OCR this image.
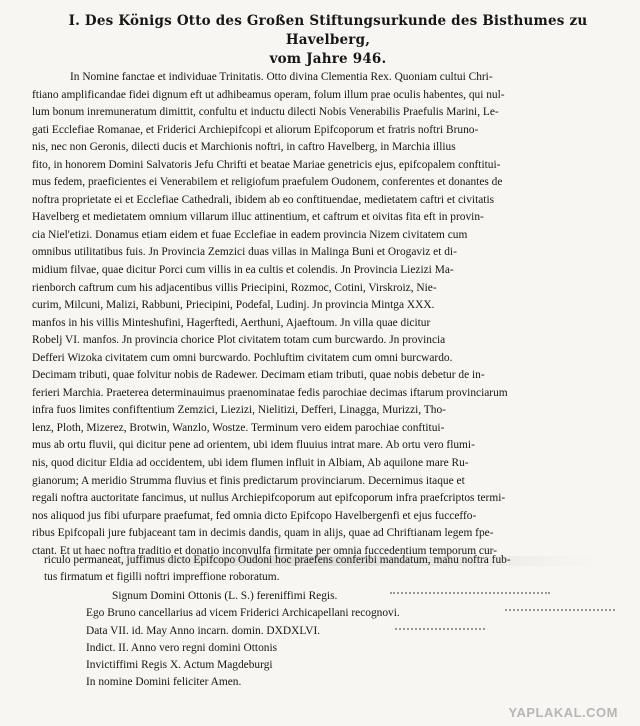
I. Des Königs Otto des Großen Stiftungsurkunde des Bisthumes zu Havelberg,
vom Jahre 946.
In Nomine fanctae et individuae Trinitatis. Otto divina Clementia Rex. Quoniam cultui Chri-
ftiano amplificandae fidei dignum eft ut adhibeamus operam, folum illum prae oculis habentes, qui nul-
lum bonum inremuneratum dimittit, confultu et inductu dilecti Nobis Venerabilis Praefulis Marini, Le-
gati Ecclefiae Romanae, et Friderici Archiepifcopi et aliorum Epifcoporum et fratris noftri Bruno-
nis, nec non Geronis, dilecti ducis et Marchionis noftri, in caftro Havelberg, in Marchia illius
fito, in honorem Domini Salvatoris Jefu Chrifti et beatae Mariae genetricis ejus, epifcopalem conftitui-
mus fedem, praeficientes ei Venerabilem et religiofum praefulem Oudonem, conferentes et donantes de
noftra proprietate ei et Ecclefiae Cathedrali, ibidem ab eo conftituendae, medietatem caftri et civitatis
Havelberg et medietatem omnium villarum illuc attinentium, et caftrum et oivitas fita eft in provin-
cia Niel'etizi. Donamus etiam eidem et fuae Ecclefiae in eadem provincia Nizem civitatem cum
omnibus utilitatibus fuis. Jn Provincia Zemzici duas villas in Malinga Buni et Orogaviz et di-
midium filvae, quae dicitur Porci cum villis in ea cultis et colendis. Jn Provincia Liezizi Ma-
rienborch caftrum cum his adjacentibus villis Priecipini, Rozmoc, Cotini, Virskroiz, Nie-
curim, Milcuni, Malizi, Rabbuni, Priecipini, Podefal, Ludinj. Jn provincia Mintga XXX.
manfos in his villis Minteshufini, Hagerftedi, Aerthuni, Ajaeftoum. Jn villa quae dicitur
Robelj VI. manfos. Jn provincia chorice Plot civitatem totam cum burcwardo. Jn provincia
Defferi Wizoka civitatem cum omni burcwardo. Pochluftim civitatem cum omni burcwardo.
Decimam tributi, quae folvitur nobis de Radewer. Decimam etiam tributi, quae nobis debetur de in-
ferieri Marchia. Praeterea determinauimus praenominatae fedis parochiae decimas iftarum provinciarum
infra fuos limites confiftentium Zemzici, Liezizi, Nielitizi, Defferi, Linagga, Murizzi, Tho-
lenz, Ploth, Mizerez, Brotwin, Wanzlo, Wostze. Terminum vero eidem parochiae conftitui-
mus ab ortu fluvii, qui dicitur pene ad orientem, ubi idem fluuius intrat mare. Ab ortu vero flumi-
nis, quod dicitur Eldia ad occidentem, ubi idem flumen influit in Albiam, Ab aquilone mare Ru-
gianorum; A meridio Strumma fluvius et finis predictarum provinciarum. Decernimus itaque et
regali noftra auctoritate fancimus, ut nullus Archiepifcoporum aut epifcoporum infra praefcriptos termi-
nos aliquod jus fibi ufurpare praefumat, fed omnia dicto Epifcopo Havelbergenfi et ejus fucceffo-
ribus Epifcopali jure fubjaceant tam in decimis dandis, quam in alijs, quae ad Chriftianam legem fpe-
ctant. Et ut haec noftra traditio et donatio inconvulfa firmitate per omnia fuccedentium temporum cur-
riculo permaneat, juffimus dicto Epifcopo Oudoni hoc praefens conferibi mandatum, manu noftra fub-
tus firmatum et figilli noftri impreffione roboratum.
Signum Domini Ottonis (L. S.) fereniffimi Regis.
Ego Bruno cancellarius ad vicem Friderici Archicapellani recognovi.
Data VII. id. May Anno incarn. domin. DXDXLVI.
Indict. II. Anno vero regni domini Ottonis
Invictiffimi Regis X. Actum Magdeburgi
In nomine Domini feliciter Amen.
YAPLAKAL.COM
